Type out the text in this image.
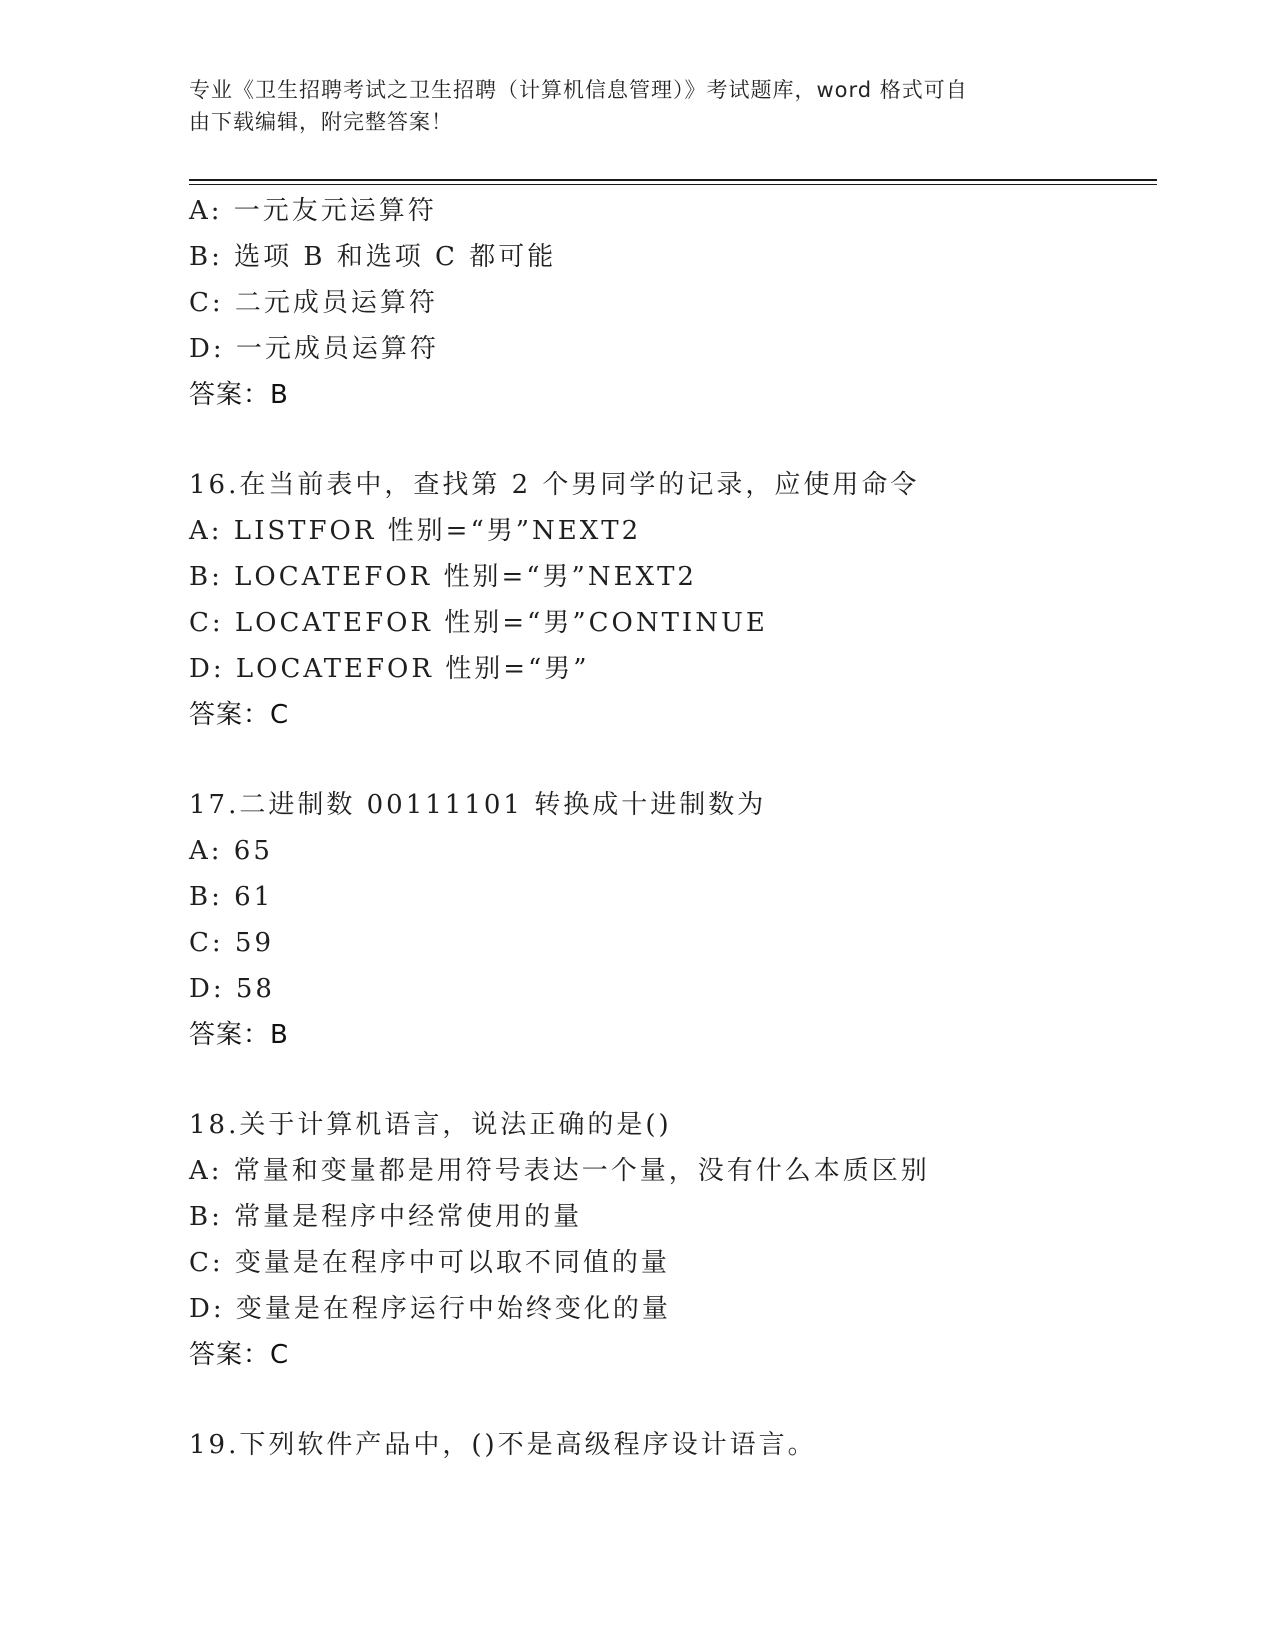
专业《卫生招聘考试之卫生招聘（计算机信息管理）》考试题库，word 格式可自
由下载编辑，附完整答案！
A: 一元友元运算符
B: 选项 B 和选项 C 都可能
C: 二元成员运算符
D: 一元成员运算符
答案：B
16.在当前表中，查找第 2 个男同学的记录，应使用命令
A: LISTFOR 性别=“男”NEXT2
B: LOCATEFOR 性别=“男”NEXT2
C: LOCATEFOR 性别=“男”CONTINUE
D: LOCATEFOR 性别=“男”
答案：C
17.二进制数 00111101 转换成十进制数为
A: 65
B: 61
C: 59
D: 58
答案：B
18.关于计算机语言，说法正确的是()
A: 常量和变量都是用符号表达一个量，没有什么本质区别
B: 常量是程序中经常使用的量
C: 变量是在程序中可以取不同值的量
D: 变量是在程序运行中始终变化的量
答案：C
19.下列软件产品中，()不是高级程序设计语言。
